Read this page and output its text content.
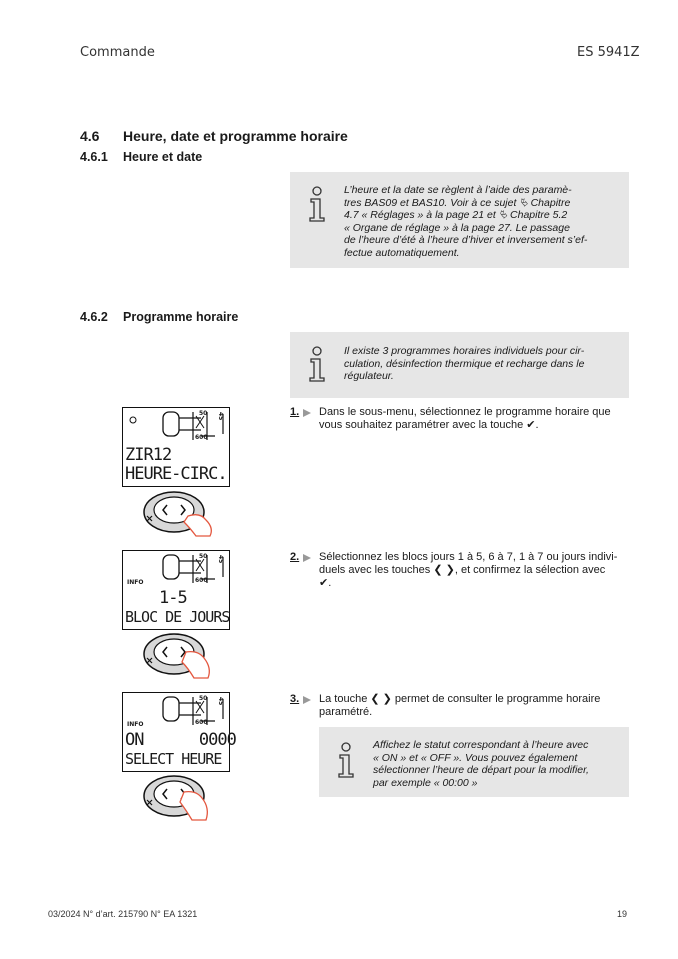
Commande	ES 5941Z
4.6 Heure, date et programme horaire
4.6.1 Heure et date
L’heure et la date se règlent à l’aide des paramè-
tres BAS09 et BAS10. Voir à ce sujet ⮱ Chapitre
4.7 « Réglages » à la page 21 et ⮱ Chapitre 5.2
« Organe de réglage » à la page 27. Le passage
de l’heure d’été à l’heure d’hiver et inversement s’ef-
fectue automatiquement.
4.6.2 Programme horaire
Il existe 3 programmes horaires individuels pour cir-
culation, désinfection thermique et recharge dans le
régulateur.
1. Dans le sous-menu, sélectionnez le programme horaire que
vous souhaitez paramétrer avec la touche ✔.
2. Sélectionnez les blocs jours 1 à 5, 6 à 7, 1 à 7 ou jours indivi-
duels avec les touches ❮ ❯, et confirmez la sélection avec
✔.
3. La touche ❮ ❯ permet de consulter le programme horaire
paramétré.
Affichez le statut correspondant à l’heure avec
« ON » et « OFF ». Vous pouvez également
sélectionner l’heure de départ pour la modifier,
par exemple « 00:00 »
50
600
45
ZIR12
HEURE-CIRC.
INFO
50
600
45
1-5
BLOC DE JOURS
INFO
50
600
45
ON      0000
SELECT HEURE
03/2024 N° d’art. 215790 N° EA 1321	19
